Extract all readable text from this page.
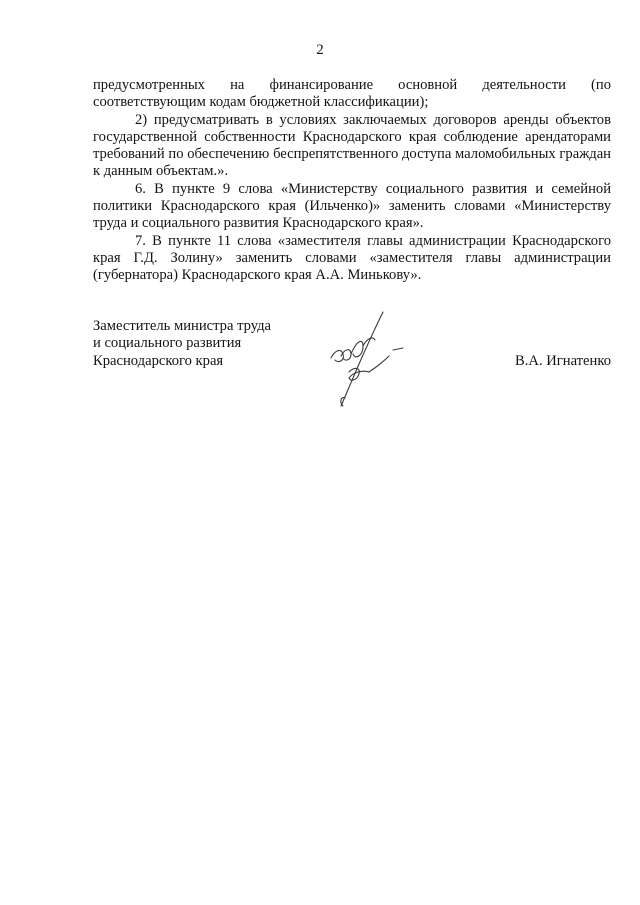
2

предусмотренных на финансирование основной деятельности (по соответствующим кодам бюджетной классификации);

2) предусматривать в условиях заключаемых договоров аренды объектов государственной собственности Краснодарского края соблюдение арендаторами требований по обеспечению беспрепятственного доступа маломобильных граждан к данным объектам.».

6. В пункте 9 слова «Министерству социального развития и семейной политики Краснодарского края (Ильченко)» заменить словами «Министерству труда и социального развития Краснодарского края».

7. В пункте 11 слова «заместителя главы администрации Краснодарского края Г.Д. Золину» заменить словами «заместителя главы администрации (губернатора) Краснодарского края А.А. Минькову».

Заместитель министра труда
и социального развития
Краснодарского края	В.А. Игнатенко
